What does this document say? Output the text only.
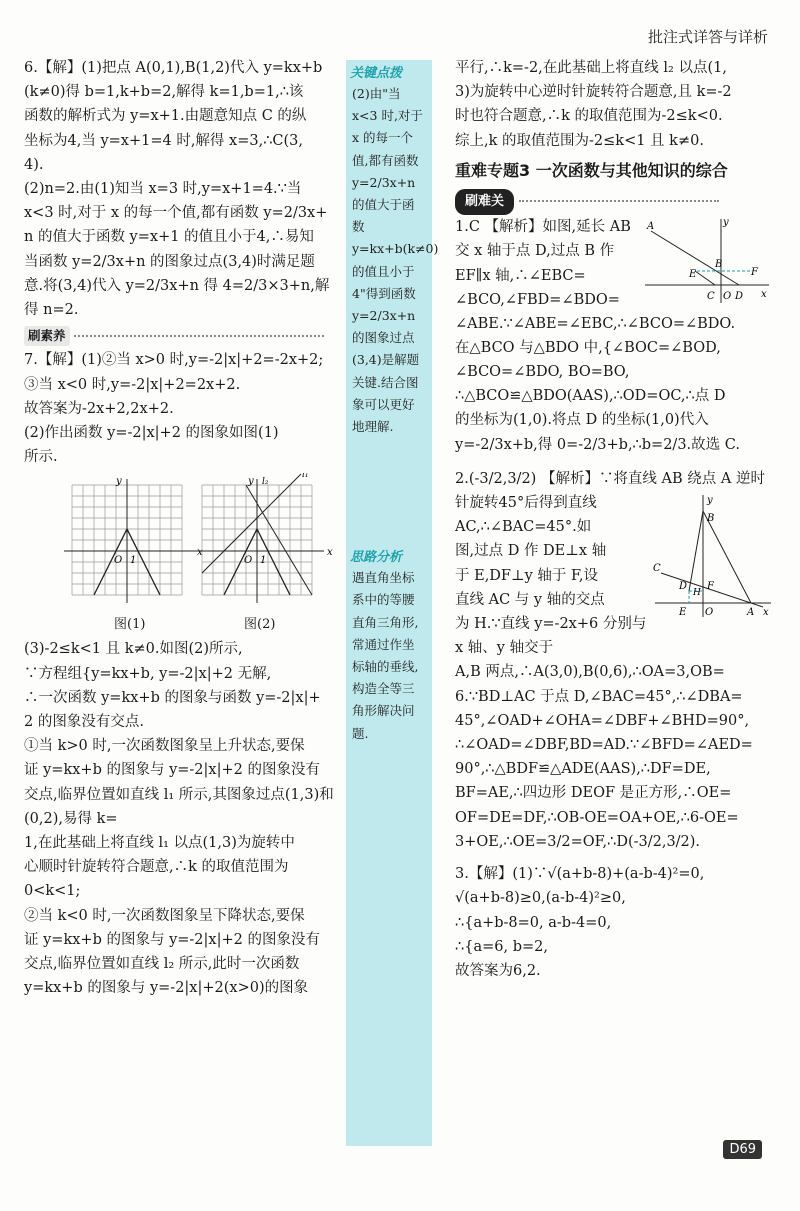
批注式详答与详析
6.【解】(1)把点 A(0,1),B(1,2)代入 y=kx+b
(k≠0)得 b=1,k+b=2,解得 k=1,b=1,∴该
函数的解析式为 y=x+1.由题意知点 C 的纵
坐标为4,当 y=x+1=4 时,解得 x=3,∴C(3,
4).
(2)n=2.由(1)知当 x=3 时,y=x+1=4.∵当
x<3 时,对于 x 的每一个值,都有函数 y=2/3x+
n 的值大于函数 y=x+1 的值且小于4,∴易知
当函数 y=2/3x+n 的图象过点(3,4)时满足题
意.将(3,4)代入 y=2/3x+n 得 4=2/3×3+n,解
得 n=2.
刷素养
7.【解】(1)②当 x>0 时,y=-2|x|+2=-2x+2;
③当 x<0 时,y=-2|x|+2=2x+2.
故答案为-2x+2,2x+2.
(2)作出函数 y=-2|x|+2 的图象如图(1)
所示.
x
y
O 1
x
y l₂
l₁
O 1
图(1)	图(2)
(3)-2≤k<1 且 k≠0.如图(2)所示,
∵方程组{y=kx+b, y=-2|x|+2 无解,
∴一次函数 y=kx+b 的图象与函数 y=-2|x|+
2 的图象没有交点.
①当 k>0 时,一次函数图象呈上升状态,要保
证 y=kx+b 的图象与 y=-2|x|+2 的图象没有
交点,临界位置如直线 l₁ 所示,其图象过点(1,3)和(0,2),易得 k=
1,在此基础上将直线 l₁ 以点(1,3)为旋转中
心顺时针旋转符合题意,∴k 的取值范围为
0<k<1;
②当 k<0 时,一次函数图象呈下降状态,要保
证 y=kx+b 的图象与 y=-2|x|+2 的图象没有
交点,临界位置如直线 l₂ 所示,此时一次函数
y=kx+b 的图象与 y=-2|x|+2(x>0)的图象
关键点拨
(2)由"当 x<3 时,对于 x 的每一个值,都有函数 y=2/3x+n 的值大于函数 y=kx+b(k≠0)的值且小于4"得到函数 y=2/3x+n 的图象过点(3,4)是解题关键.结合图象可以更好地理解.
思路分析
遇直角坐标系中的等腰直角三角形,常通过作坐标轴的垂线,构造全等三角形解决问题.
平行,∴k=-2,在此基础上将直线 l₂ 以点(1,
3)为旋转中心逆时针旋转符合题意,且 k=-2
时也符合题意,∴k 的取值范围为-2≤k<0.
综上,k 的取值范围为-2≤k<1 且 k≠0.
重难专题3 一次函数与其他知识的综合
刷难关
A
B
E	F
C O D x
y
1.C 【解析】如图,延长 AB
交 x 轴于点 D,过点 B 作
EF∥x 轴,∴∠EBC=
∠BCO,∠FBD=∠BDO=
∠ABE.∵∠ABE=∠EBC,∴∠BCO=∠BDO.
在△BCO 与△BDO 中,{∠BOC=∠BOD, ∠BCO=∠BDO, BO=BO,
∴△BCO≌△BDO(AAS),∴OD=OC,∴点 D
的坐标为(1,0).将点 D 的坐标(1,0)代入
y=-2/3x+b,得 0=-2/3+b,∴b=2/3.故选 C.
2.(-3/2,3/2) 【解析】∵将直线 AB 绕点 A 逆时
y
B
C
F
H
D
E O	A x
针旋转45°后得到直线
AC,∴∠BAC=45°.如
图,过点 D 作 DE⊥x 轴
于 E,DF⊥y 轴于 F,设
直线 AC 与 y 轴的交点
为 H.∵直线 y=-2x+6 分别与 x 轴、y 轴交于
A,B 两点,∴A(3,0),B(0,6),∴OA=3,OB=
6.∵BD⊥AC 于点 D,∠BAC=45°,∴∠DBA=
45°,∠OAD+∠OHA=∠DBF+∠BHD=90°,
∴∠OAD=∠DBF,BD=AD.∵∠BFD=∠AED=
90°,∴△BDF≌△ADE(AAS),∴DF=DE,
BF=AE,∴四边形 DEOF 是正方形,∴OE=
OF=DE=DF,∴OB-OE=OA+OE,∴6-OE=
3+OE,∴OE=3/2=OF,∴D(-3/2,3/2).
3.【解】(1)∵√(a+b-8)+(a-b-4)²=0,
√(a+b-8)≥0,(a-b-4)²≥0,
∴{a+b-8=0, a-b-4=0,
∴{a=6, b=2,
故答案为6,2.
D69
